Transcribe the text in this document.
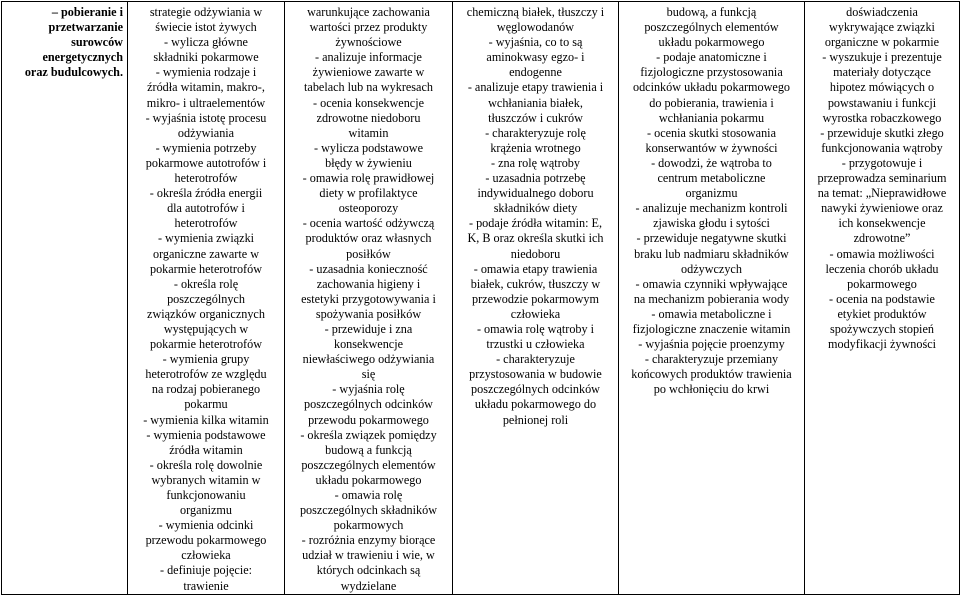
– pobieranie i
przetwarzanie
surowców
energetycznych
oraz budulcowych.

strategie odżywiania w
świecie istot żywych
- wylicza główne
składniki pokarmowe
- wymienia rodzaje i
źródła witamin, makro-,
mikro- i ultraelementów
- wyjaśnia istotę procesu
odżywiania
- wymienia potrzeby
pokarmowe autotrofów i
heterotrofów
- określa źródła energii
dla autotrofów i
heterotrofów
- wymienia związki
organiczne zawarte w
pokarmie heterotrofów
- określa rolę
poszczególnych
związków organicznych
występujących w
pokarmie heterotrofów
- wymienia grupy
heterotrofów ze względu
na rodzaj pobieranego
pokarmu
- wymienia kilka witamin
- wymienia podstawowe
źródła witamin
- określa rolę dowolnie
wybranych witamin w
funkcjonowaniu
organizmu
- wymienia odcinki
przewodu pokarmowego
człowieka
- definiuje pojęcie:
trawienie

warunkujące zachowania
wartości przez produkty
żywnościowe
- analizuje informacje
żywieniowe zawarte w
tabelach lub na wykresach
- ocenia konsekwencje
zdrowotne niedoboru
witamin
- wylicza podstawowe
błędy w żywieniu
- omawia rolę prawidłowej
diety w profilaktyce
osteoporozy
- ocenia wartość odżywczą
produktów oraz własnych
posiłków
- uzasadnia konieczność
zachowania higieny i
estetyki przygotowywania i
spożywania posiłków
- przewiduje i zna
konsekwencje
niewłaściwego odżywiania
się
- wyjaśnia rolę
poszczególnych odcinków
przewodu pokarmowego
- określa związek pomiędzy
budową a funkcją
poszczególnych elementów
układu pokarmowego
- omawia rolę
poszczególnych składników
pokarmowych
- rozróżnia enzymy biorące
udział w trawieniu i wie, w
których odcinkach są
wydzielane

chemiczną białek, tłuszczy i
węglowodanów
- wyjaśnia, co to są
aminokwasy egzo- i
endogenne
- analizuje etapy trawienia i
wchłaniania białek,
tłuszczów i cukrów
- charakteryzuje rolę
krążenia wrotnego
- zna rolę wątroby
- uzasadnia potrzebę
indywidualnego doboru
składników diety
- podaje źródła witamin: E,
K, B oraz określa skutki ich
niedoboru
- omawia etapy trawienia
białek, cukrów, tłuszczy w
przewodzie pokarmowym
człowieka
- omawia rolę wątroby i
trzustki u człowieka
- charakteryzuje
przystosowania w budowie
poszczególnych odcinków
układu pokarmowego do
pełnionej roli

budową, a funkcją
poszczególnych elementów
układu pokarmowego
- podaje anatomiczne i
fizjologiczne przystosowania
odcinków układu pokarmowego
do pobierania, trawienia i
wchłaniania pokarmu
- ocenia skutki stosowania
konserwantów w żywności
- dowodzi, że wątroba to
centrum metaboliczne
organizmu
- analizuje mechanizm kontroli
zjawiska głodu i sytości
- przewiduje negatywne skutki
braku lub nadmiaru składników
odżywczych
- omawia czynniki wpływające
na mechanizm pobierania wody
- omawia metaboliczne i
fizjologiczne znaczenie witamin
- wyjaśnia pojęcie proenzymy
- charakteryzuje przemiany
końcowych produktów trawienia
po wchłonięciu do krwi

doświadczenia
wykrywające związki
organiczne w pokarmie
- wyszukuje i prezentuje
materiały dotyczące
hipotez mówiących o
powstawaniu i funkcji
wyrostka robaczkowego
- przewiduje skutki złego
funkcjonowania wątroby
- przygotowuje i
przeprowadza seminarium
na temat: „Nieprawidłowe
nawyki żywieniowe oraz
ich konsekwencje
zdrowotne”
- omawia możliwości
leczenia chorób układu
pokarmowego
- ocenia na podstawie
etykiet produktów
spożywczych stopień
modyfikacji żywności
